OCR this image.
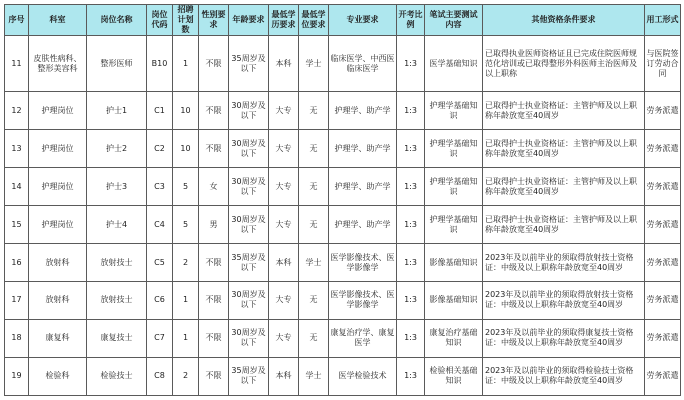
序号	科室	岗位名称	岗位代码	招聘计划数	性别要求	年龄要求	最低学历要求	最低学位要求	专业要求	开考比例	笔试主要测试内容	其他资格条件要求	用工形式
11	皮肤性病科、整形美容科	整形医师	B10	1	不限	35周岁及以下	本科	学士	临床医学、中西医临床医学	1:3	医学基础知识	已取得执业医师资格证且已完成住院医师规范化培训或已取得整形外科医师主治医师及以上职称	与医院签订劳动合同
12	护理岗位	护士1	C1	10	不限	30周岁及以下	大专	无	护理学、助产学	1:3	护理学基础知识	已取得护士执业资格证：主管护师及以上职称年龄放宽至40周岁	劳务派遣
13	护理岗位	护士2	C2	10	不限	30周岁及以下	大专	无	护理学、助产学	1:3	护理学基础知识	已取得护士执业资格证：主管护师及以上职称年龄放宽至40周岁	劳务派遣
14	护理岗位	护士3	C3	5	女	30周岁及以下	大专	无	护理学、助产学	1:3	护理学基础知识	已取得护士执业资格证：主管护师及以上职称年龄放宽至40周岁	劳务派遣
15	护理岗位	护士4	C4	5	男	30周岁及以下	大专	无	护理学、助产学	1:3	护理学基础知识	已取得护士执业资格证：主管护师及以上职称年龄放宽至40周岁	劳务派遣
16	放射科	放射技士	C5	2	不限	35周岁及以下	本科	学士	医学影像技术、医学影像学	1:3	影像基础知识	2023年及以前毕业的须取得放射技士资格证：中级及以上职称年龄放宽至40周岁	劳务派遣
17	放射科	放射技士	C6	1	不限	30周岁及以下	大专	无	医学影像技术、医学影像学	1:3	影像基础知识	2023年及以前毕业的须取得放射技士资格证：中级及以上职称年龄放宽至40周岁	劳务派遣
18	康复科	康复技士	C7	1	不限	30周岁及以下	大专	无	康复治疗学、康复医学	1:3	康复治疗基础知识	2023年及以前毕业的须取得康复技士资格证：中级及以上职称年龄放宽至40周岁	劳务派遣
19	检验科	检验技士	C8	2	不限	35周岁及以下	本科	学士	医学检验技术	1:3	检验相关基础知识	2023年及以前毕业的须取得检验技士资格证：中级及以上职称年龄放宽至40周岁	劳务派遣
